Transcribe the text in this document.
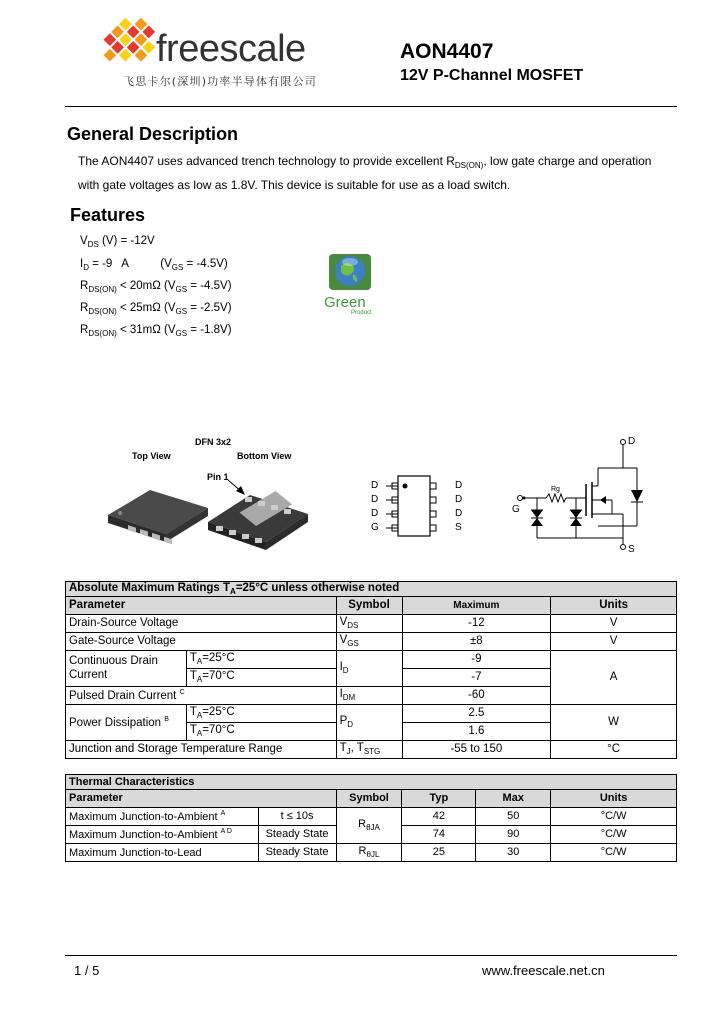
freescale
飞思卡尔(深圳)功率半导体有限公司
AON4407
12V P-Channel MOSFET
General Description
The AON4407 uses advanced trench technology to provide excellent $R_{DS(ON)}$, low gate charge and operation
with gate voltages as low as 1.8V. This device is suitable for use as a load switch.
Features
$V_{DS}$ (V) = -12V
$I_D = -9$   A          $(V_{GS} = -4.5V)$
$R_{DS(ON)} < 20m\Omega$ $(V_{GS} = -4.5V)$
$R_{DS(ON)} < 25m\Omega$ $(V_{GS} = -2.5V)$
$R_{DS(ON)} < 31m\Omega$ $(V_{GS} = -1.8V)$
Green
Product
DFN 3x2
Top View	Bottom View
Pin 1
D
D
D
G
D
D
D
S
D
S
G
Rg
Absolute Maximum Ratings $T_A=25^\circ C$ unless otherwise noted				
Parameter		Symbol	Maximum	Units
Drain-Source Voltage		$V_{DS}$	-12	V
Gate-Source Voltage		$V_{GS}$	±8	V
Continuous Drain
Current	$T_A=25^\circ C$	$I_D$	-9	A
	$T_A=70^\circ C$		-7	
Pulsed Drain Current $^C$		$I_{DM}$	-60	
Power Dissipation $^B$	$T_A=25^\circ C$	$P_D$	2.5	W
	$T_A=70^\circ C$		1.6	
Junction and Storage Temperature Range		$T_J$, $T_{STG}$	-55 to 150	°C
Thermal Characteristics					
Parameter		Symbol	Typ	Max	Units
Maximum Junction-to-Ambient $^A$	t ≤ 10s	$R_{\theta JA}$	42	50	°C/W
Maximum Junction-to-Ambient $^{A D}$	Steady State		74	90	°C/W
Maximum Junction-to-Lead	Steady State	$R_{\theta JL}$	25	30	°C/W
1 / 5	www.freescale.net.cn
